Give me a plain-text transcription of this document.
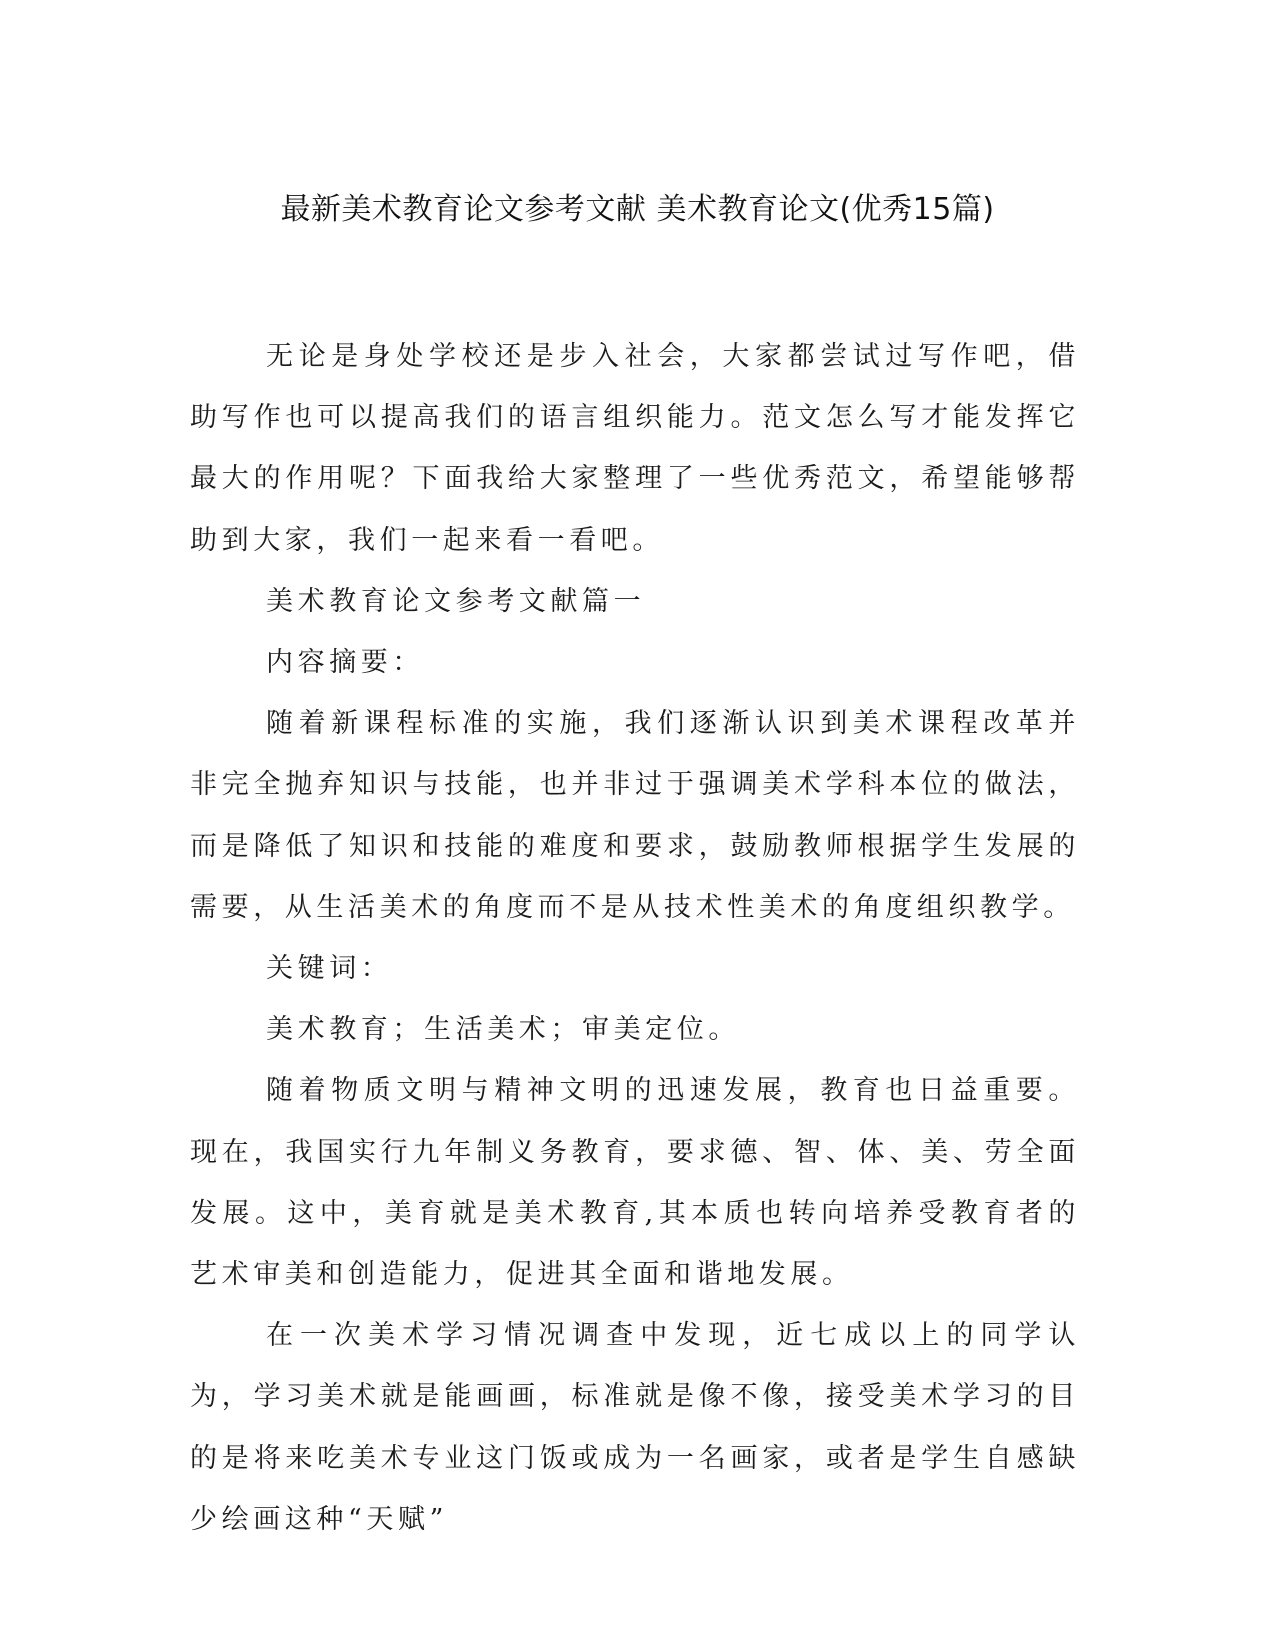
最新美术教育论文参考文献 美术教育论文(优秀15篇)

无论是身处学校还是步入社会，大家都尝试过写作吧，借助写作也可以提高我们的语言组织能力。范文怎么写才能发挥它最大的作用呢？下面我给大家整理了一些优秀范文，希望能够帮助到大家，我们一起来看一看吧。

美术教育论文参考文献篇一

内容摘要：

随着新课程标准的实施，我们逐渐认识到美术课程改革并非完全抛弃知识与技能，也并非过于强调美术学科本位的做法，而是降低了知识和技能的难度和要求，鼓励教师根据学生发展的需要，从生活美术的角度而不是从技术性美术的角度组织教学。

关键词：

美术教育；生活美术；审美定位。

随着物质文明与精神文明的迅速发展，教育也日益重要。现在，我国实行九年制义务教育，要求德、智、体、美、劳全面发展。这中，美育就是美术教育,其本质也转向培养受教育者的艺术审美和创造能力，促进其全面和谐地发展。

在一次美术学习情况调查中发现，近七成以上的同学认为，学习美术就是能画画，标准就是像不像，接受美术学习的目的是将来吃美术专业这门饭或成为一名画家，或者是学生自感缺少绘画这种“天赋”
